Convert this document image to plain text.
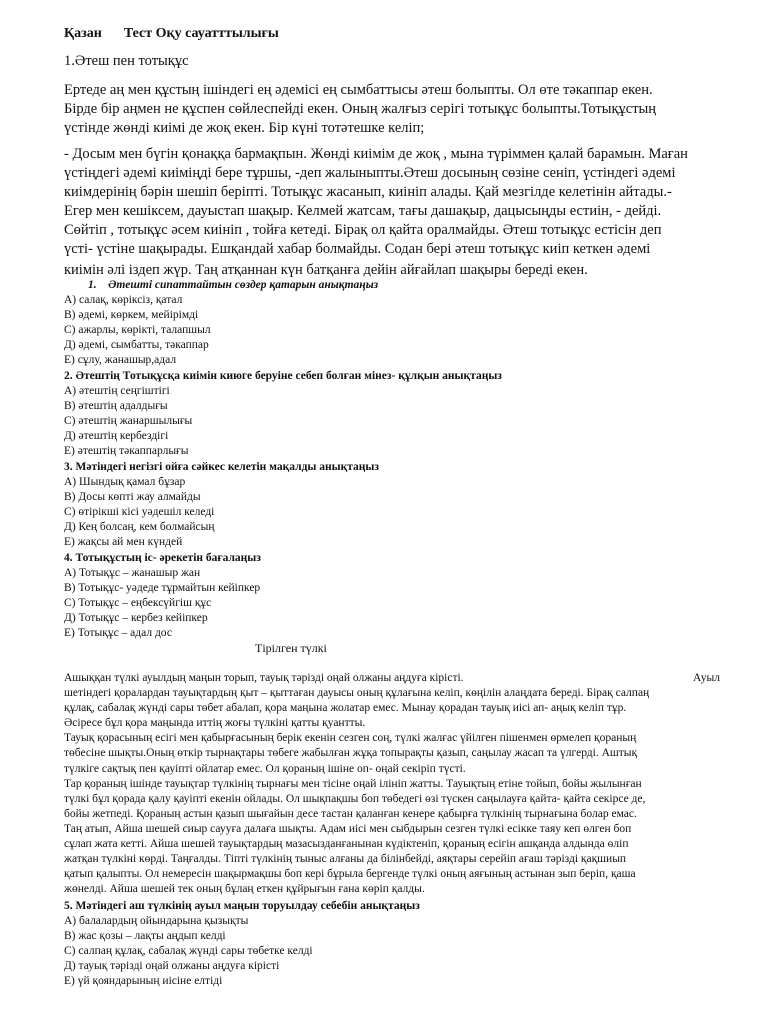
Қазан Тест Оқу сауатттылығы
1.Әтеш пен тотықұс
Ертеде аң мен құстың ішіндегі ең әдемісі ең сымбаттысы әтеш болыпты. Ол өте тәкаппар екен.
Бірде бір аңмен не құспен сөйлеспейді екен. Оның жалғыз серігі тотықұс болыпты.Тотықұстың
үстінде жөнді киімі де жоқ екен. Бір күні тотәтешке келіп;
- Досым мен бүгін қонаққа бармақпын. Жөнді киімім де жоқ , мына түріммен қалай барамын. Маған
үстіңдегі әдемі киіміңді бере тұршы, -деп жалыныпты.Әтеш досының сөзіне сеніп, үстіндегі әдемі
киімдерінің бәрін шешіп беріпті. Тотықұс жасанып, киініп алады. Қай мезгілде келетінін айтады.-
Егер мен кешіксем, дауыстап шақыр. Келмей жатсам, тағы дашақыр, дацысыңды естиін, - дейді.
Сөйтіп , тотықұс әсем киініп , тойға кетеді. Бірақ ол қайта оралмайды. Әтеш тотықұс естісін деп
үсті- үстіне шақырады. Ешқандай хабар болмайды. Содан бері әтеш тотықұс киіп кеткен әдемі
киімін әлі іздеп жүр. Таң атқаннан күн батқанға дейін айғайлап шақыры береді екен.
1. Әтешті сипаттайтын сөздер қатарын анықтаңыз
А) салақ, көріксіз, қатал
В) әдемі, көркем, мейірімді
С) ажарлы, көрікті, талапшыл
Д) әдемі, сымбатты, тәкаппар
Е) сұлу, жанашыр,адал
2. Әтештің Тотықұсқа киімін киюге беруіне себеп болған мінез- құлқын анықтаңыз
А) әтештің сеңгіштігі
В) әтештің адалдығы
С) әтештің жанаршылығы
Д) әтештің кербездігі
Е) әтештің тәкаппарлығы
3. Мәтіндегі негізгі ойға сәйкес келетін мақалды анықтаңыз
А) Шындық қамал бұзар
В) Досы көпті жау алмайды
С) өтірікші кісі уәдешіл келеді
Д) Кең болсаң, кем болмайсың
Е) жақсы ай мен күндей
4. Тотықұстың іс- әрекетін бағалаңыз
А) Тотықұс – жанашыр жан
В) Тотықұс- уәдеде тұрмайтын кейіпкер
С) Тотықұс – еңбексүйгіш құс
Д) Тотықұс – кербез кейіпкер
Е) Тотықұс – адал дос
Тірілген түлкі
Ашыққан түлкі ауылдың маңын торып, тауық тәрізді оңай олжаны аңдуға кірісті.	Ауыл
шетіндегі қоралардан тауықтардың қыт – қыттаған дауысы оның құлағына келіп, көңілін алаңдата береді. Бірақ салпаң
құлақ, сабалақ жүнді сары төбет абалап, қора маңына жолатар емес. Мынау қорадан тауық иісі ап- аңық келіп тұр.
Әсіресе бұл қора маңында иттің жоғы түлкіні қатты қуантты.
Тауық қорасының есігі мен қабырғасының берік екенін сезген соң, түлкі жалғас үйілген пішенмен өрмелеп қораның
төбесіне шықты.Оның өткір тырнақтары төбеге жабылған жұқа топырақты қазып, саңылау жасап та үлгерді. Аштық
түлкіге сақтық пен қауіпті ойлатар емес. Ол қораның ішіне оп- оңай секіріп түсті.
Тар қораның ішінде тауықтар түлкінің тырнағы мен тісіне оңай ілініп жатты. Тауықтың етіне тойып, бойы жылынған
түлкі бұл қорада қалу қауіпті екенін ойлады. Ол шықпақшы боп төбедегі өзі түскен саңылауға қайта- қайта секірсе де,
бойы жетпеді. Қораның астын қазып шығайын десе тастан қаланған кенере қабырға түлкінің тырнағына болар емас.
Таң атып, Айша шешей сиыр саууға далаға шықты. Адам иісі мен сыбдырын сезген түлкі есікке таяу кеп өлген боп
сұлап жата кетті. Айша шешей тауықтардың мазасызданғанынан күдіктеніп, қораның есігін ашқанда алдында өліп
жатқан түлкіні көрді. Таңғалды. Тіпті түлкінің тыныс алғаны да білінбейді, аяқтары серейіп ағаш тәрізді қақшиып
қатып қалыпты. Ол немересін шақырмақшы боп кері бұрыла бергенде түлкі оның аяғының астынан зып беріп, қаша
жөнелді. Айша шешей тек оның бұлаң еткен құйрығын ғана көріп қалды.
5. Мәтіндегі аш түлкінің ауыл маңын торуылдау себебін анықтаңыз
А) балалардың ойындарына қызықты
В) жас қозы – лақты аңдып келді
С) салпаң құлақ, сабалақ жүнді сары төбетке келді
Д) тауық тәрізді оңай олжаны аңдуға кірісті
Е) үй қояндарының иісіне елтіді
